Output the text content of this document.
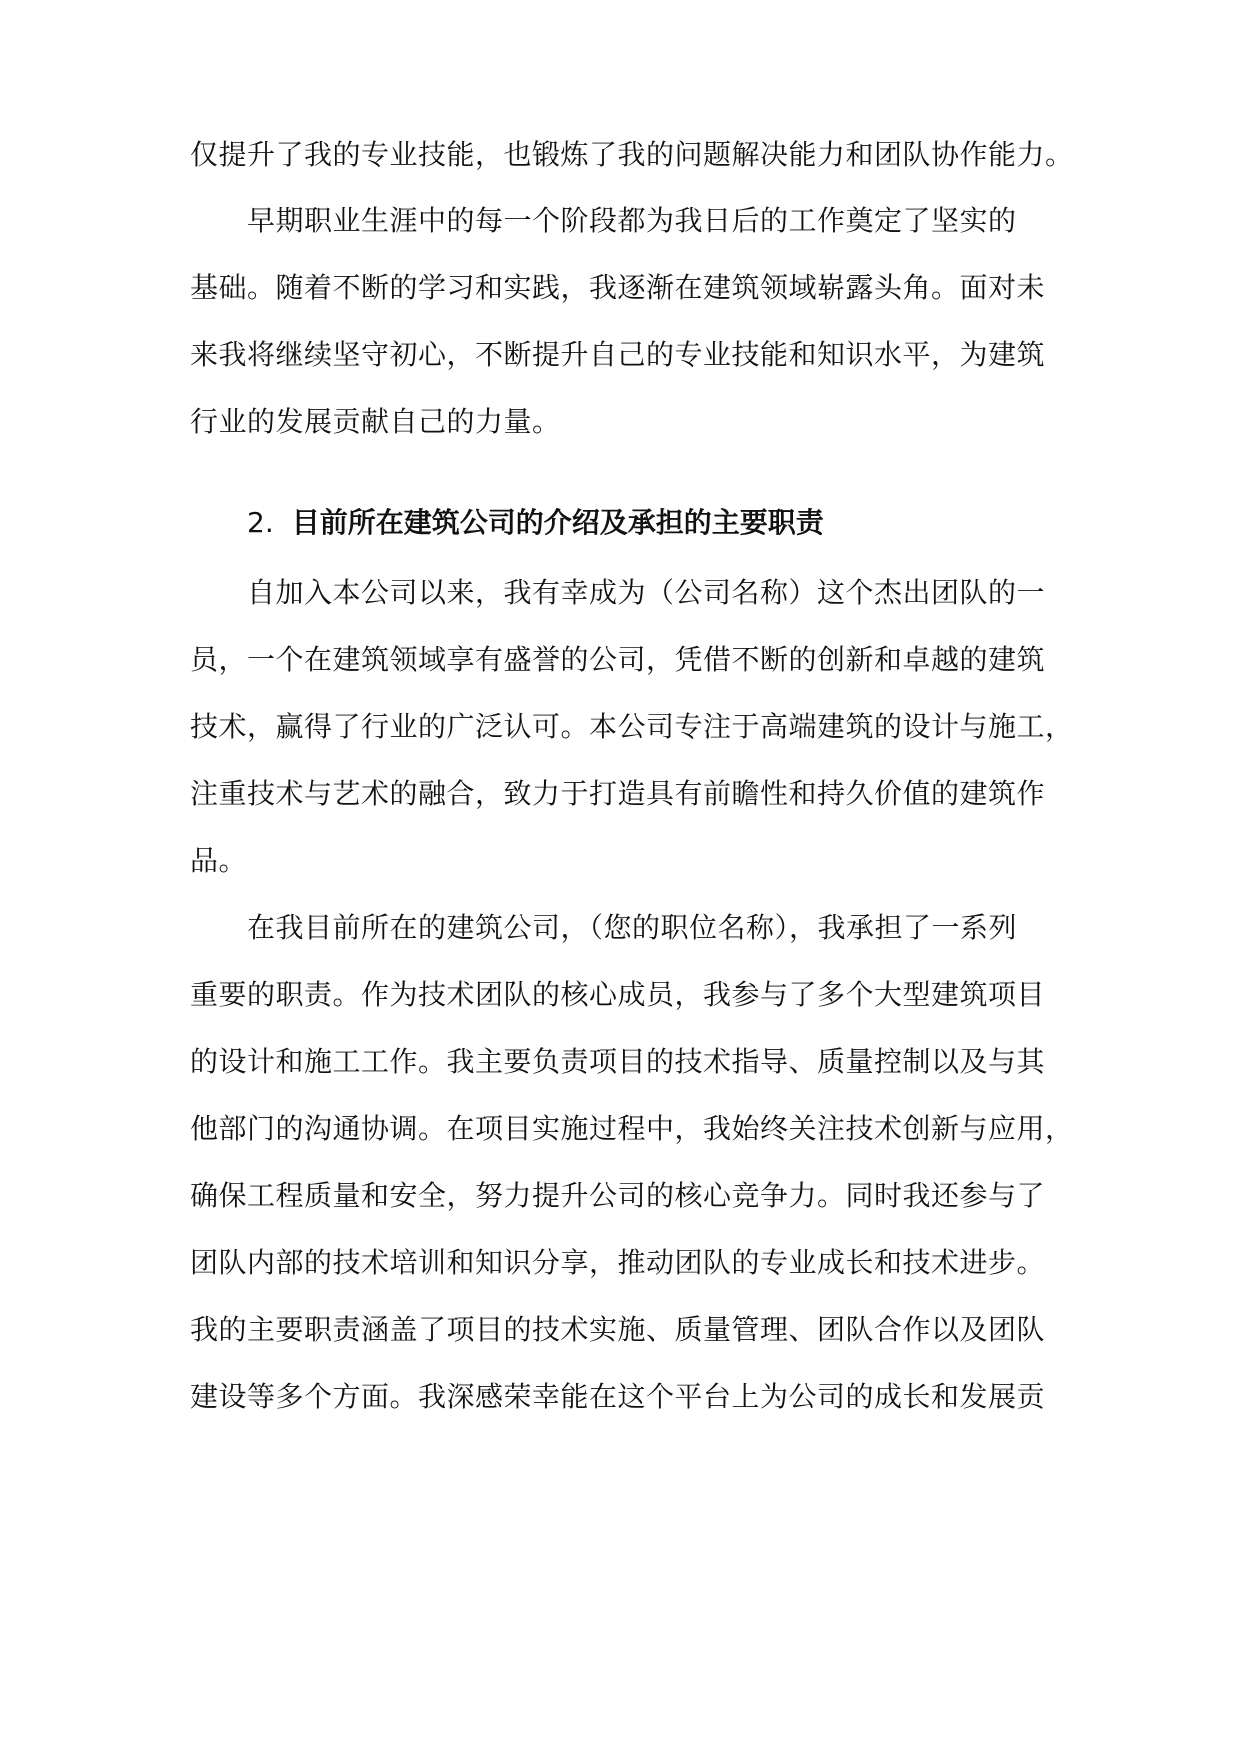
仅提升了我的专业技能，也锻炼了我的问题解决能力和团队协作能力。
早期职业生涯中的每一个阶段都为我日后的工作奠定了坚实的
基础。随着不断的学习和实践，我逐渐在建筑领域崭露头角。面对未
来我将继续坚守初心，不断提升自己的专业技能和知识水平，为建筑
行业的发展贡献自己的力量。
2. 目前所在建筑公司的介绍及承担的主要职责
自加入本公司以来，我有幸成为（公司名称）这个杰出团队的一
员，一个在建筑领域享有盛誉的公司，凭借不断的创新和卓越的建筑
技术，赢得了行业的广泛认可。本公司专注于高端建筑的设计与施工，
注重技术与艺术的融合，致力于打造具有前瞻性和持久价值的建筑作
品。
在我目前所在的建筑公司，（您的职位名称），我承担了一系列
重要的职责。作为技术团队的核心成员，我参与了多个大型建筑项目
的设计和施工工作。我主要负责项目的技术指导、质量控制以及与其
他部门的沟通协调。在项目实施过程中，我始终关注技术创新与应用，
确保工程质量和安全，努力提升公司的核心竞争力。同时我还参与了
团队内部的技术培训和知识分享，推动团队的专业成长和技术进步。
我的主要职责涵盖了项目的技术实施、质量管理、团队合作以及团队
建设等多个方面。我深感荣幸能在这个平台上为公司的成长和发展贡
